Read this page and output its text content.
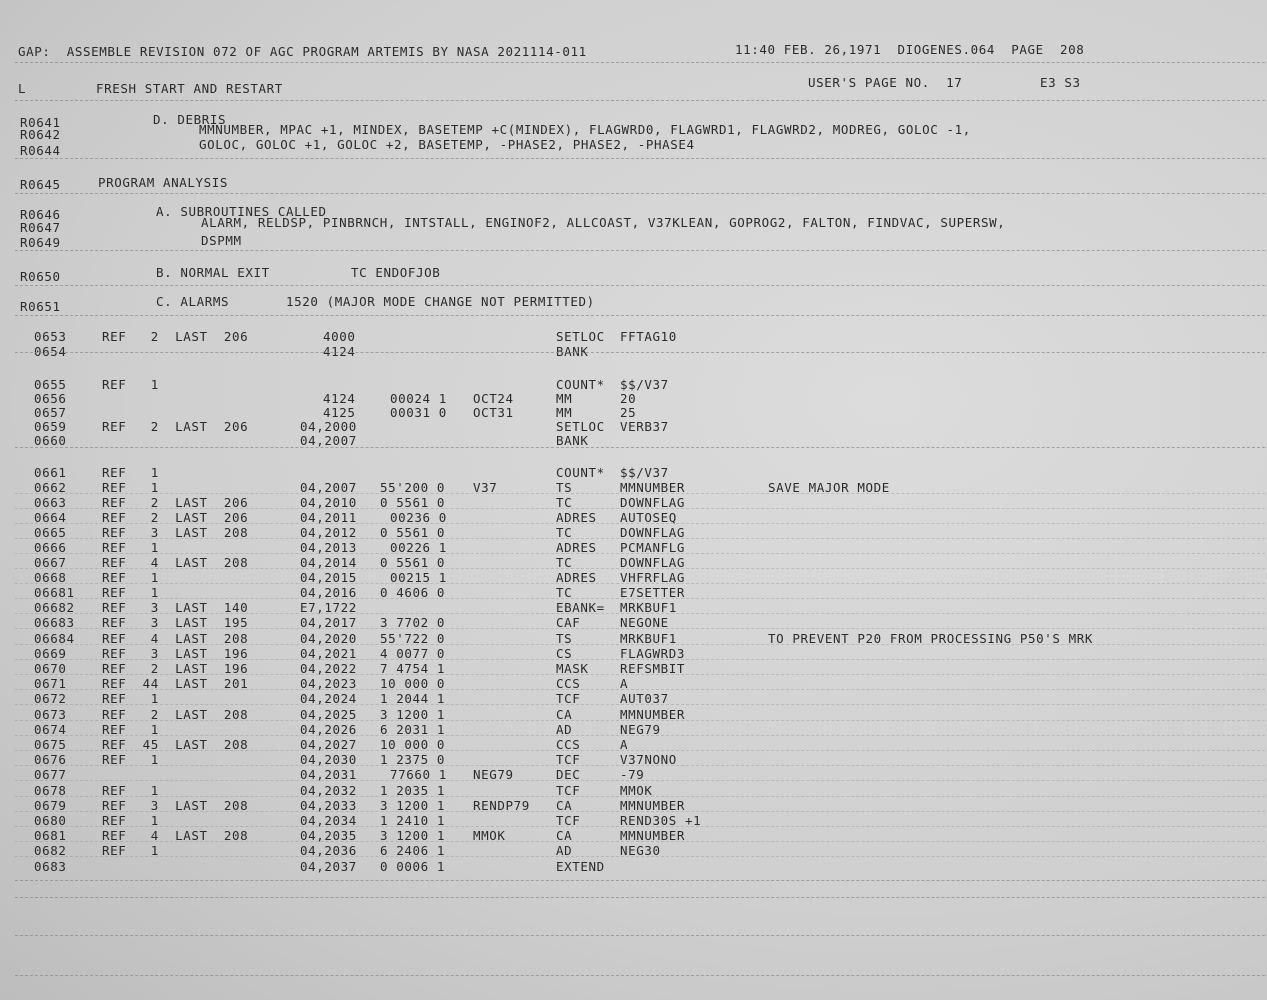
GAP:  ASSEMBLE REVISION 072 OF AGC PROGRAM ARTEMIS BY NASA 2021114-011	11:40 FEB. 26,1971  DIOGENES.064  PAGE  208
L	FRESH START AND RESTART	USER'S PAGE NO.  17	E3 S3
R0641	D. DEBRIS
R0642	MMNUMBER, MPAC +1, MINDEX, BASETEMP +C(MINDEX), FLAGWRD0, FLAGWRD1, FLAGWRD2, MODREG, GOLOC -1,
R0644	GOLOC, GOLOC +1, GOLOC +2, BASETEMP, -PHASE2, PHASE2, -PHASE4
R0645	PROGRAM ANALYSIS
R0646	A. SUBROUTINES CALLED
R0647	ALARM, RELDSP, PINBRNCH, INTSTALL, ENGINOF2, ALLCOAST, V37KLEAN, GOPROG2, FALTON, FINDVAC, SUPERSW,
R0649	DSPMM
R0650	B. NORMAL EXIT          TC ENDOFJOB
R0651	C. ALARMS       1520 (MAJOR MODE CHANGE NOT PERMITTED)
0653	REF   2  LAST  206	4000	SETLOC FFTAG10
0654	4124	BANK
0655	REF   1	COUNT* $$/V37
0656	4124	00024 1 OCT24	MM	20
0657	4125	00031 0 OCT31	MM	25
0659	REF   2  LAST  206	04,2000	SETLOC VERB37
0660	04,2007	BANK
0661	REF   1	COUNT* $$/V37
0662	REF   1	04,2007 55'200 0 V37	TS	MMNUMBER	SAVE MAJOR MODE
0663	REF   2  LAST  206	04,2010 0 5561 0	TC	DOWNFLAG
0664	REF   2  LAST  206	04,2011	00236 0	ADRES AUTOSEQ
0665	REF   3  LAST  208	04,2012 0 5561 0	TC	DOWNFLAG
0666	REF   1	04,2013	00226 1	ADRES PCMANFLG
0667	REF   4  LAST  208	04,2014 0 5561 0	TC	DOWNFLAG
0668	REF   1	04,2015	00215 1	ADRES VHFRFLAG
06681 REF   1	04,2016 0 4606 0	TC	E7SETTER
06682 REF   3  LAST  140	E7,1722	EBANK= MRKBUF1
06683 REF   3  LAST  195	04,2017 3 7702 0	CAF	NEGONE
06684 REF   4  LAST  208	04,2020 55'722 0	TS	MRKBUF1	TO PREVENT P20 FROM PROCESSING P50'S MRK
0669	REF   3  LAST  196	04,2021 4 0077 0	CS	FLAGWRD3
0670	REF   2  LAST  196	04,2022 7 4754 1	MASK	REFSMBIT
0671	REF  44  LAST  201	04,2023 10 000 0	CCS	A
0672	REF   1	04,2024 1 2044 1	TCF	AUT037
0673	REF   2  LAST  208	04,2025 3 1200 1	CA	MMNUMBER
0674	REF   1	04,2026 6 2031 1	AD	NEG79
0675	REF  45  LAST  208	04,2027 10 000 0	CCS	A
0676	REF   1	04,2030 1 2375 0	TCF	V37NONO
0677	04,2031	77660 1 NEG79	DEC	-79
0678	REF   1	04,2032 1 2035 1	TCF	MMOK
0679	REF   3  LAST  208	04,2033 3 1200 1 RENDP79 CA	MMNUMBER
0680	REF   1	04,2034 1 2410 1	TCF	REND30S +1
0681	REF   4  LAST  208	04,2035 3 1200 1 MMOK	CA	MMNUMBER
0682	REF   1	04,2036 6 2406 1	AD	NEG30
0683	04,2037 0 0006 1	EXTEND
